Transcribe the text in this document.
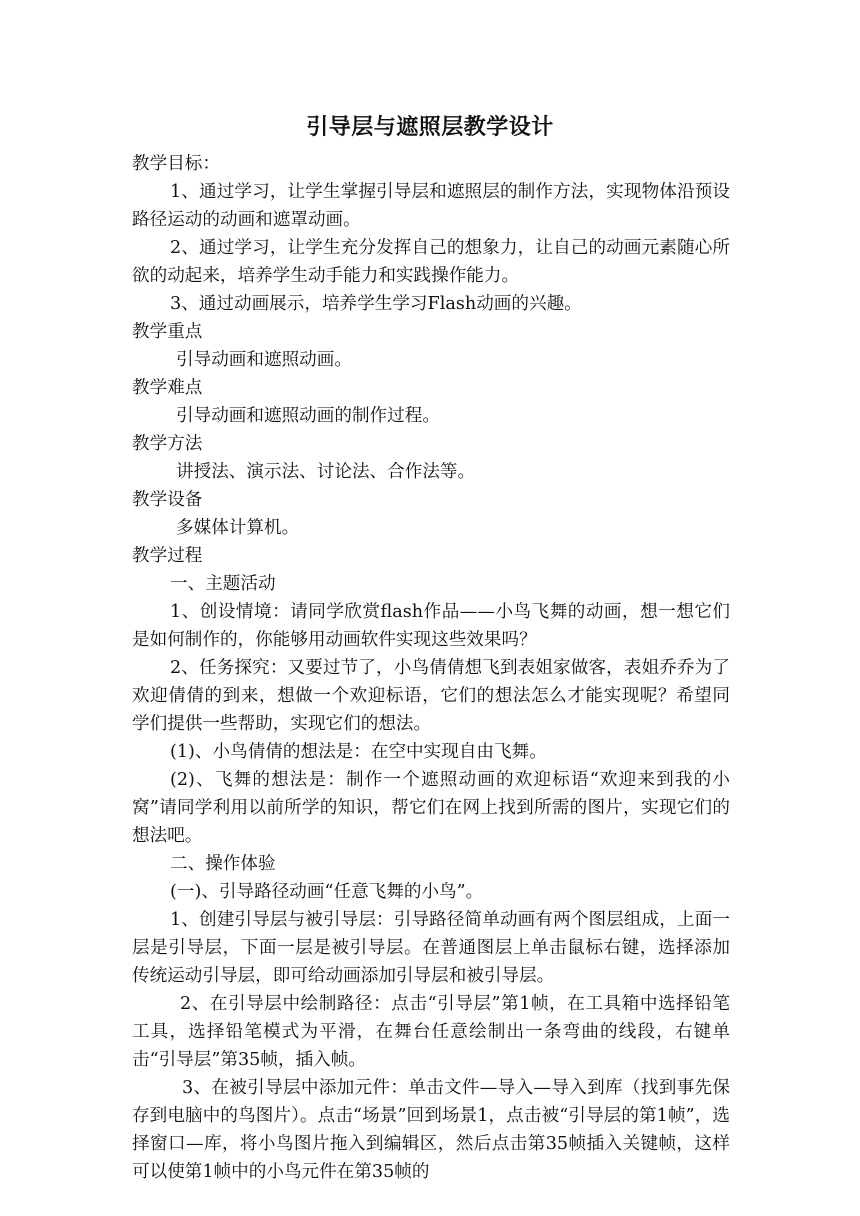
引导层与遮照层教学设计

教学目标：

1、通过学习，让学生掌握引导层和遮照层的制作方法，实现物体沿预设路径运动的动画和遮罩动画。

2、通过学习，让学生充分发挥自己的想象力，让自己的动画元素随心所欲的动起来，培养学生动手能力和实践操作能力。

3、通过动画展示，培养学生学习Flash动画的兴趣。

教学重点

引导动画和遮照动画。

教学难点

引导动画和遮照动画的制作过程。

教学方法

讲授法、演示法、讨论法、合作法等。

教学设备

多媒体计算机。

教学过程

一、主题活动

1、创设情境：请同学欣赏flash作品——小鸟飞舞的动画，想一想它们是如何制作的，你能够用动画软件实现这些效果吗？

2、任务探究：又要过节了，小鸟倩倩想飞到表姐家做客，表姐乔乔为了欢迎倩倩的到来，想做一个欢迎标语，它们的想法怎么才能实现呢？希望同学们提供一些帮助，实现它们的想法。

(1)、小鸟倩倩的想法是：在空中实现自由飞舞。

(2)、飞舞的想法是：制作一个遮照动画的欢迎标语“欢迎来到我的小窝”请同学利用以前所学的知识，帮它们在网上找到所需的图片，实现它们的想法吧。

二、操作体验

(一)、引导路径动画“任意飞舞的小鸟”。

1、创建引导层与被引导层：引导路径简单动画有两个图层组成，上面一层是引导层，下面一层是被引导层。在普通图层上单击鼠标右键，选择添加传统运动引导层，即可给动画添加引导层和被引导层。

2、在引导层中绘制路径：点击“引导层”第1帧，在工具箱中选择铅笔工具，选择铅笔模式为平滑，在舞台任意绘制出一条弯曲的线段，右键单击“引导层”第35帧，插入帧。

3、在被引导层中添加元件：单击文件—导入—导入到库（找到事先保存到电脑中的鸟图片）。点击“场景”回到场景1，点击被“引导层的第1帧”，选择窗口—库，将小鸟图片拖入到编辑区，然后点击第35帧插入关键帧，这样可以使第1帧中的小鸟元件在第35帧的
